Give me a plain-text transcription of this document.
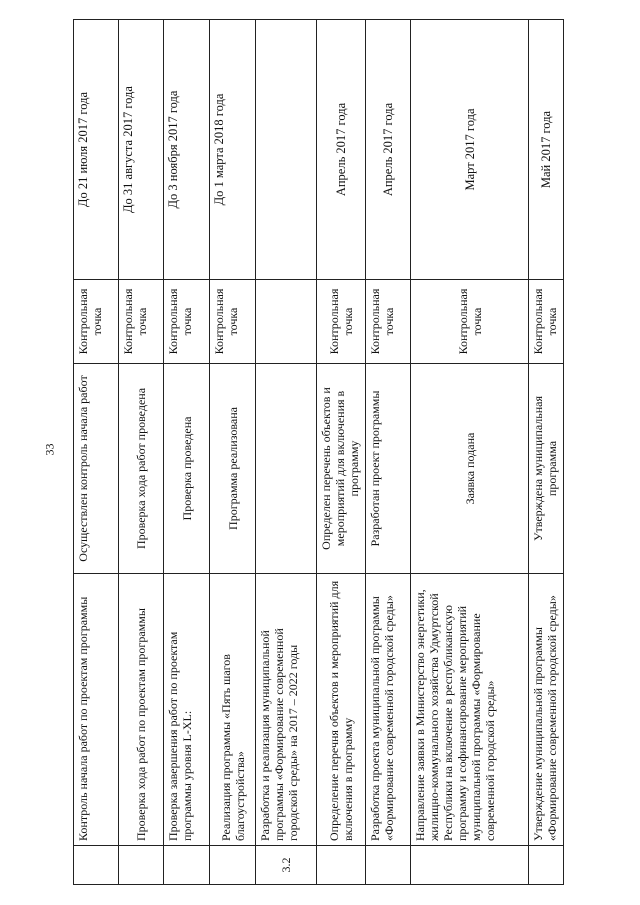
33
	Контроль начала работ по проектам программы	Осуществлен контроль начала работ	Контрольная точка	До 21 июля 2017 года
	Проверка хода работ по проектам программы	Проверка хода работ проведена	Контрольная точка	До 31 августа 2017 года
	Проверка завершения работ по проектам программы уровня L-XL:	Проверка проведена	Контрольная точка	До 3 ноября 2017 года
	Реализация программы «Пять шагов благоустройства»	Программа реализована	Контрольная точка	До 1 марта 2018 года
3.2	Разработка и реализация муниципальной программы «Формирование современной городской среды» на 2017 – 2022 годы			
	Определение перечня объектов и мероприятий для включения в программу	Определен перечень объектов и мероприятий для включения в программу	Контрольная точка	Апрель 2017 года
	Разработка проекта муниципальной программы «Формирование современной городской среды»	Разработан проект программы	Контрольная точка	Апрель 2017 года
	Направление заявки в Министерство энергетики, жилищно-коммунального хозяйства Удмуртской Республики на включение в республиканскую программу и софинансирование мероприятий муниципальной программы «Формирование современной городской среды»	Заявка подана	Контрольная точка	Март 2017 года
	Утверждение муниципальной программы «Формирование современной городской среды»	Утверждена муниципальная программа	Контрольная точка	Май 2017 года
